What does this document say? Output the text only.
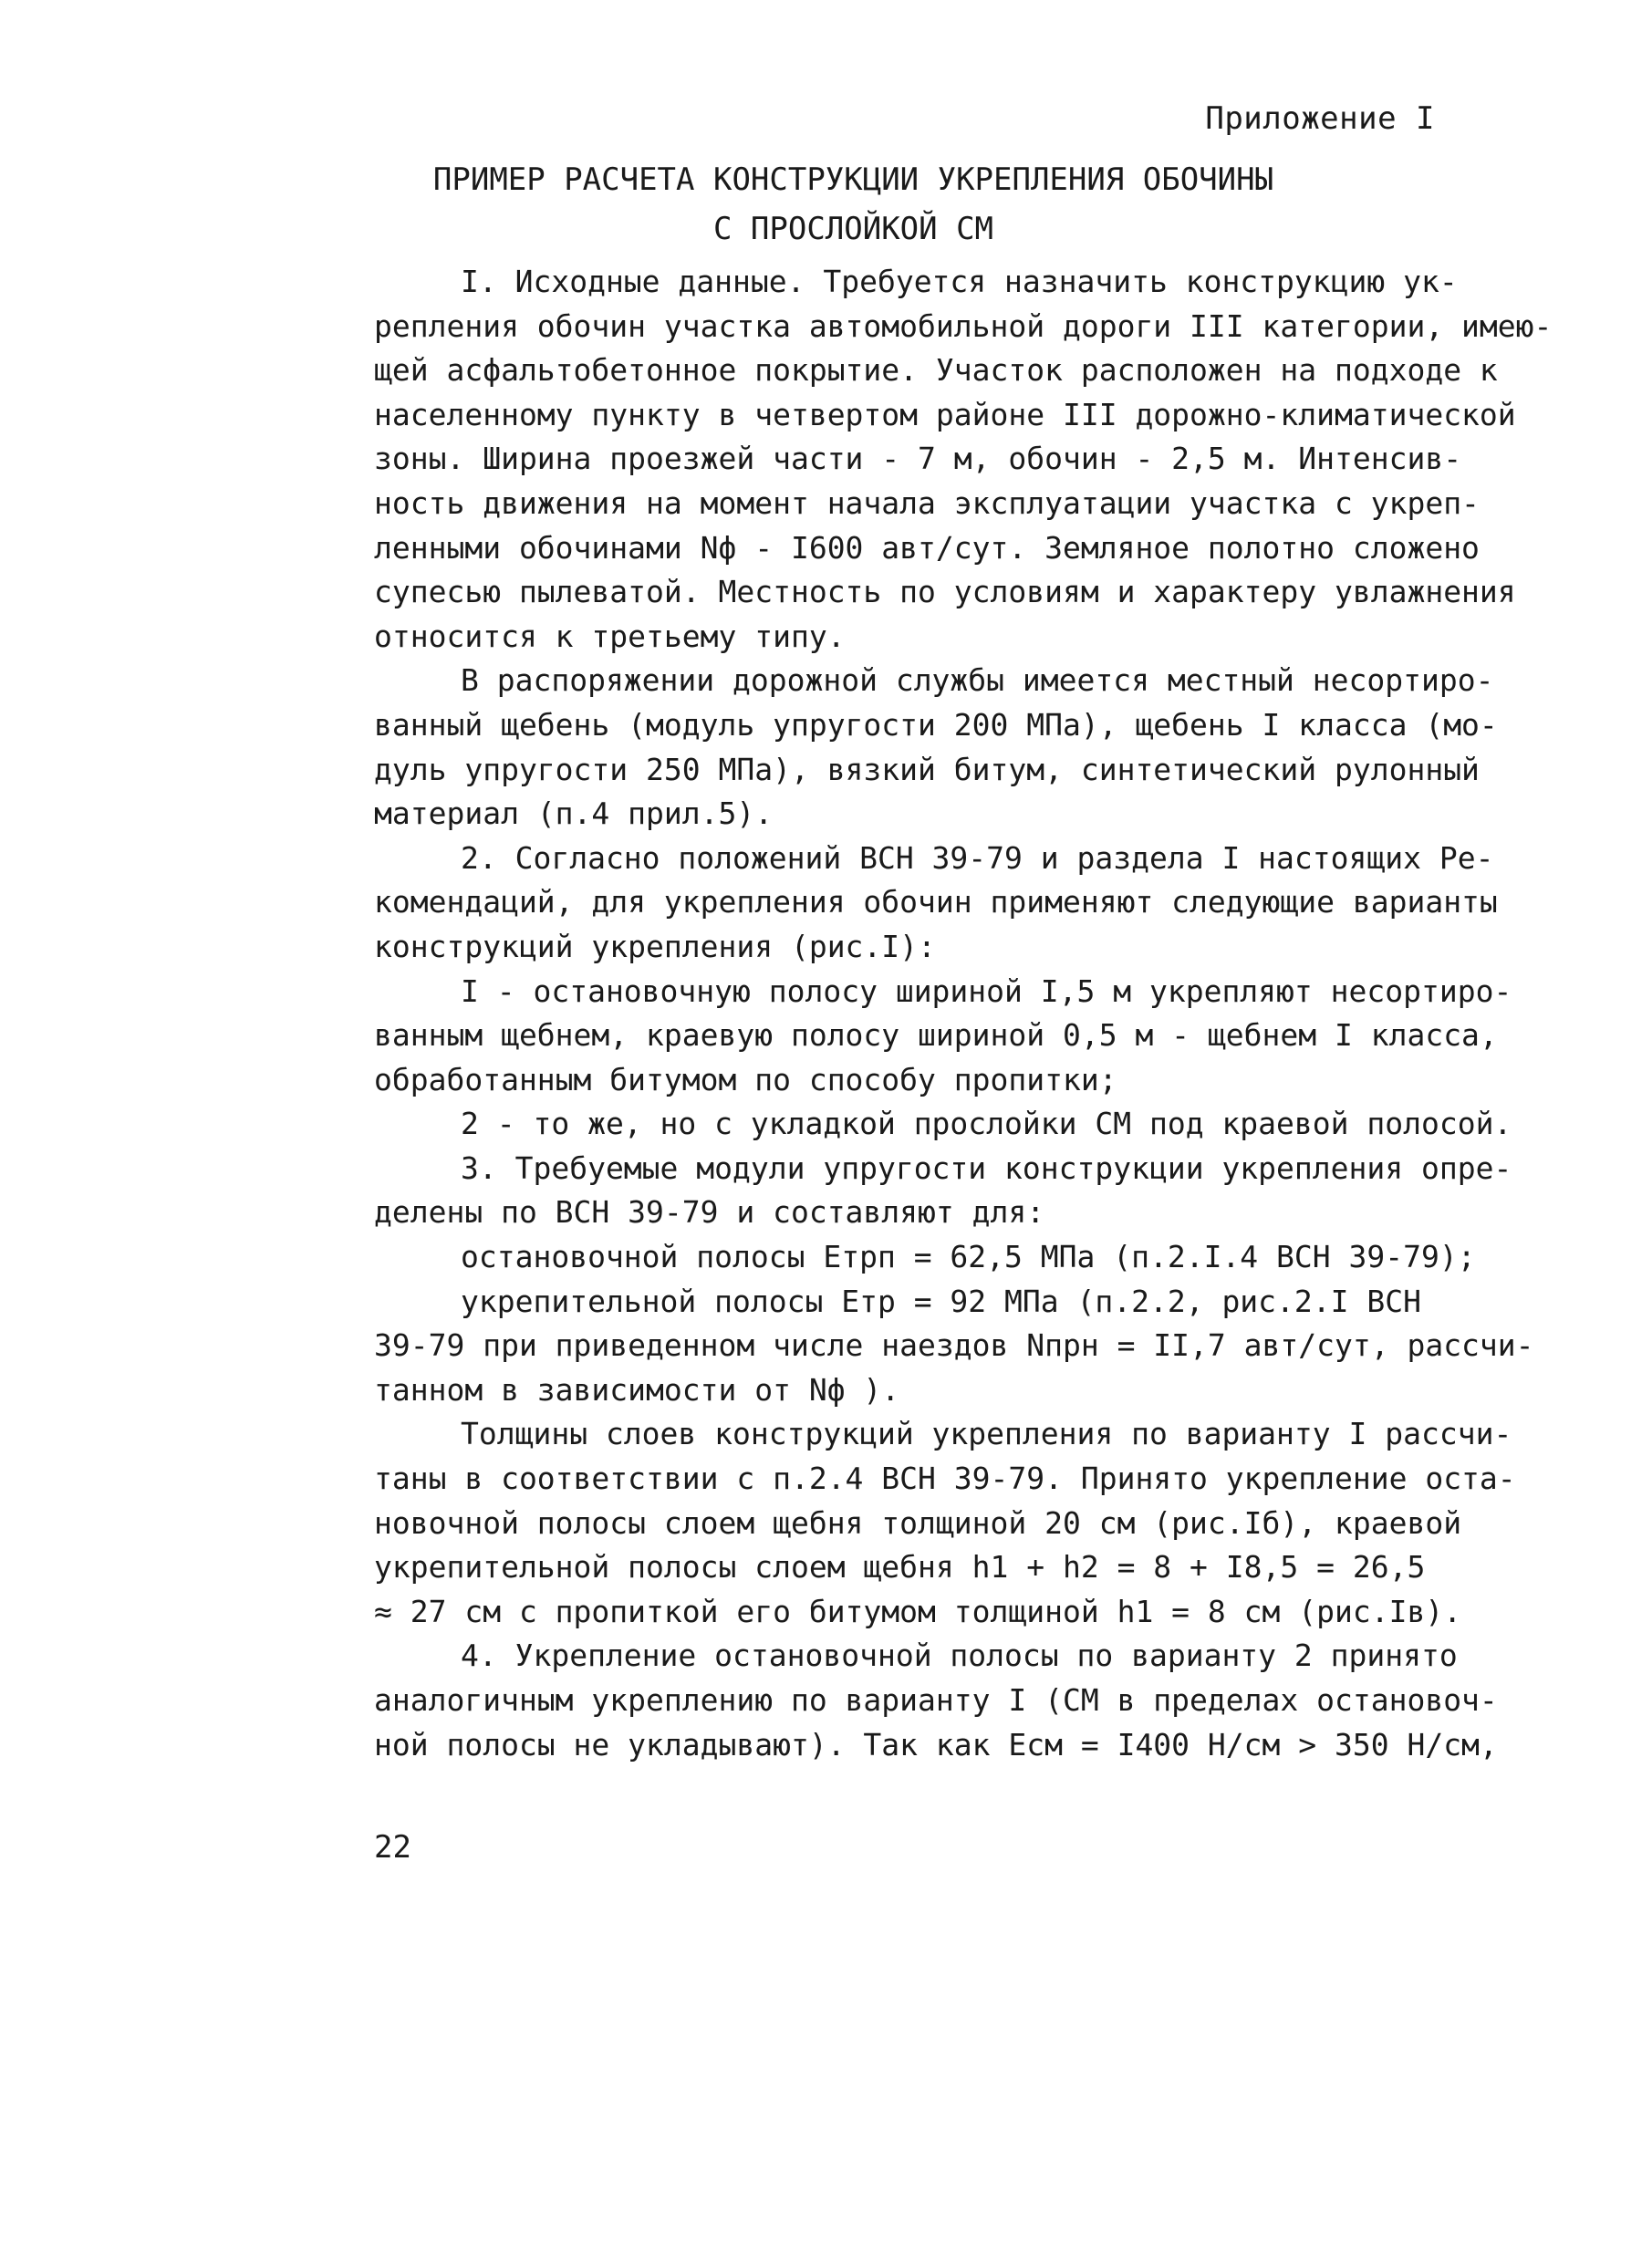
Приложение I
ПРИМЕР РАСЧЕТА КОНСТРУКЦИИ УКРЕПЛЕНИЯ ОБОЧИНЫ
С ПРОСЛОЙКОЙ СМ

I. Исходные данные. Требуется назначить конструкцию ук-

репления обочин участка автомобильной дороги III категории, имею-

щей асфальтобетонное покрытие. Участок расположен на подходе к

населенному пункту в четвертом районе III дорожно-климатической

зоны. Ширина проезжей части - 7 м, обочин - 2,5 м. Интенсив-

ность движения на момент начала эксплуатации участка с укреп-

ленными обочинами Nф - I600 авт/сут. Земляное полотно сложено

супесью пылеватой. Местность по условиям и характеру увлажнения

относится к третьему типу.

В распоряжении дорожной службы имеется местный несортиро-

ванный щебень (модуль упругости 200 МПа), щебень I класса (мо-

дуль упругости 250 МПа), вязкий битум, синтетический рулонный

материал (п.4 прил.5).

2. Согласно положений ВСН 39-79 и раздела I настоящих Ре-

комендаций, для укрепления обочин применяют следующие варианты

конструкций укрепления (рис.I):

I - остановочную полосу шириной I,5 м укрепляют несортиро-

ванным щебнем, краевую полосу шириной 0,5 м - щебнем I класса,

обработанным битумом по способу пропитки;

2 - то же, но с укладкой прослойки СМ под краевой полосой.

3. Требуемые модули упругости конструкции укрепления опре-

делены по ВСН 39-79 и составляют для:

остановочной полосы Eтрп = 62,5 МПа (п.2.I.4 ВСН 39-79);

укрепительной полосы Eтр = 92 МПа (п.2.2, рис.2.I ВСН

39-79 при приведенном числе наездов Nпрн = II,7 авт/сут, рассчи-

танном в зависимости от Nф ).

Толщины слоев конструкций укрепления по варианту I рассчи-

таны в соответствии с п.2.4 ВСН 39-79. Принято укрепление оста-

новочной полосы слоем щебня толщиной 20 см (рис.Iб), краевой

укрепительной полосы слоем щебня h1 + h2 = 8 + I8,5 = 26,5

≈ 27 см с пропиткой его битумом толщиной h1 = 8 см (рис.Iв).

4. Укрепление остановочной полосы по варианту 2 принято

аналогичным укреплению по варианту I (СМ в пределах остановоч-

ной полосы не укладывают). Так как Eсм = I400 Н/см > 350 Н/см,

22
